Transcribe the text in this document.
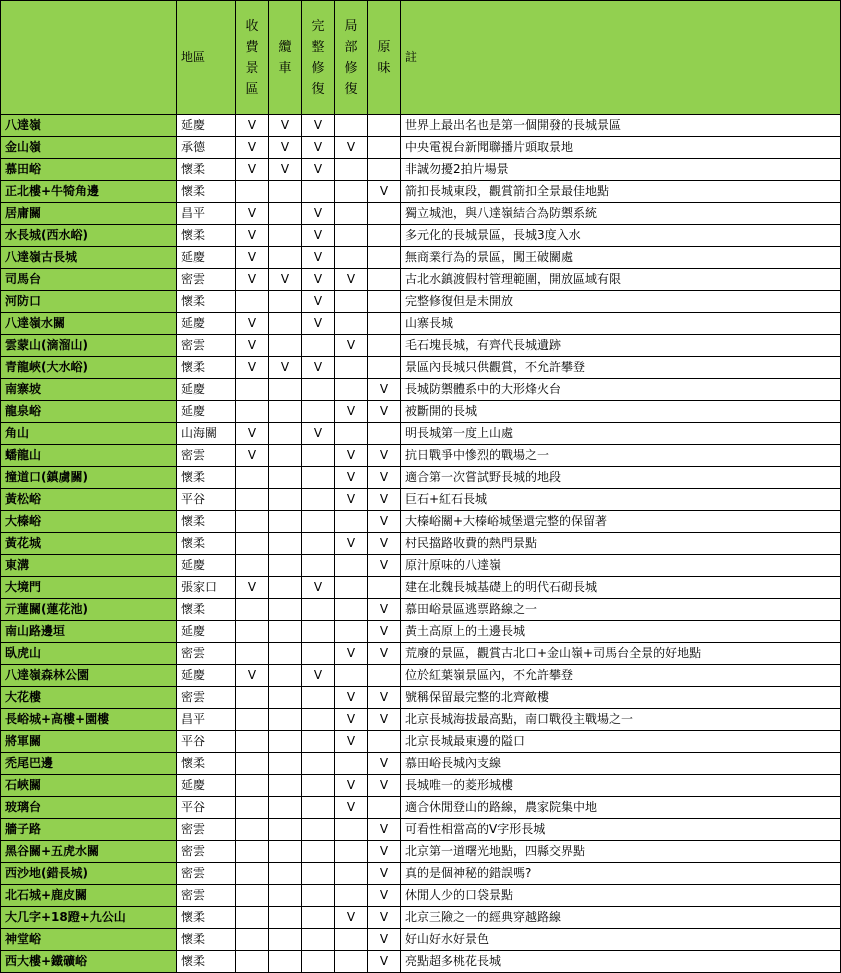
	地區	收費景區	纜車	完整修復	局部修復	原味	註
八達嶺	延慶	V	V	V			世界上最出名也是第一個開發的長城景區
金山嶺	承德	V	V	V	V		中央電視台新聞聯播片頭取景地
慕田峪	懷柔	V	V	V			非誠勿擾2拍片場景
正北樓+牛犄角邊	懷柔					V	箭扣長城東段，觀賞箭扣全景最佳地點
居庸關	昌平	V		V			獨立城池，與八達嶺結合為防禦系統
水長城(西水峪)	懷柔	V		V			多元化的長城景區，長城3度入水
八達嶺古長城	延慶	V		V			無商業行為的景區，闖王破關處
司馬台	密雲	V	V	V	V		古北水鎮渡假村管理範圍，開放區域有限
河防口	懷柔			V			完整修復但是未開放
八達嶺水關	延慶	V		V			山寨長城
雲蒙山(滴溜山)	密雲	V			V		毛石塊長城，有齊代長城遺跡
青龍峽(大水峪)	懷柔	V	V	V			景區內長城只供觀賞，不允許攀登
南寨坡	延慶					V	長城防禦體系中的大形烽火台
龍泉峪	延慶				V	V	被斷開的長城
角山	山海關	V		V			明長城第一度上山處
蟠龍山	密雲	V			V	V	抗日戰爭中慘烈的戰場之一
撞道口(鎮虜關)	懷柔				V	V	適合第一次嘗試野長城的地段
黃松峪	平谷				V	V	巨石+紅石長城
大榛峪	懷柔					V	大榛峪關+大榛峪城堡還完整的保留著
黃花城	懷柔				V	V	村民擋路收費的熱門景點
東溝	延慶					V	原汁原味的八達嶺
大境門	張家口	V		V			建在北魏長城基礎上的明代石砌長城
亓蓮關(蓮花池)	懷柔					V	慕田峪景區逃票路線之一
南山路邊垣	延慶					V	黃土高原上的土邊長城
臥虎山	密雲				V	V	荒廢的景區，觀賞古北口+金山嶺+司馬台全景的好地點
八達嶺森林公園	延慶	V		V			位於紅葉嶺景區內，不允許攀登
大花樓	密雲				V	V	號稱保留最完整的北齊敵樓
長峪城+高樓+園樓	昌平				V	V	北京長城海拔最高點，南口戰役主戰場之一
將軍關	平谷				V		北京長城最東邊的隘口
禿尾巴邊	懷柔					V	慕田峪長城內支線
石峽關	延慶				V	V	長城唯一的菱形城樓
玻璃台	平谷				V		適合休閒登山的路線，農家院集中地
牆子路	密雲					V	可看性相當高的V字形長城
黑谷關+五虎水關	密雲					V	北京第一道曙光地點，四縣交界點
西沙地(錯長城)	密雲					V	真的是個神秘的錯誤嗎?
北石城+鹿皮關	密雲					V	休閒人少的口袋景點
大几字+18蹬+九公山	懷柔				V	V	北京三險之一的經典穿越路線
神堂峪	懷柔					V	好山好水好景色
西大樓+鐵礦峪	懷柔					V	亮點超多桃花長城
